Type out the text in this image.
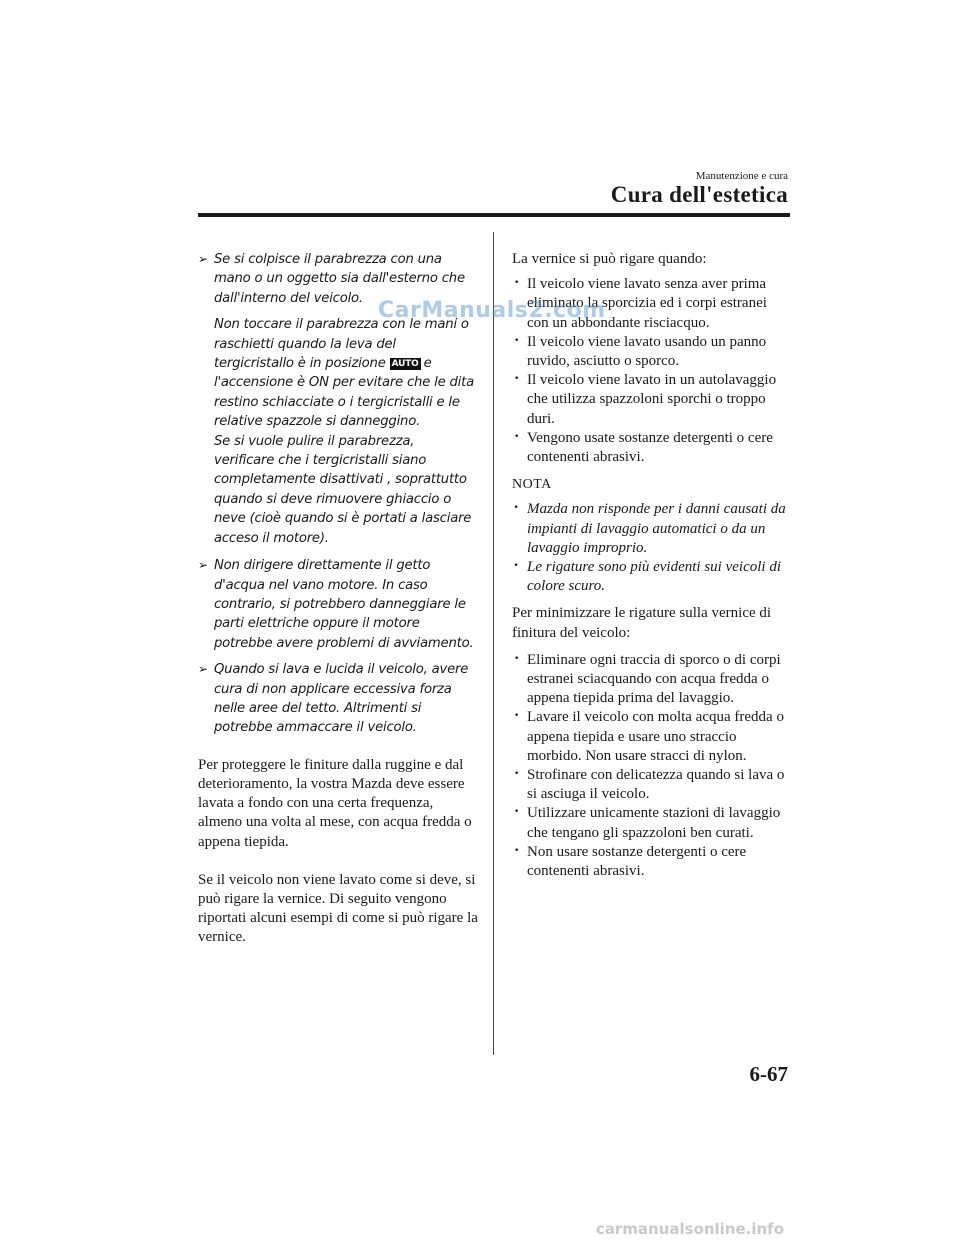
Manutenzione e cura
Cura dell'estetica
➢ Se si colpisce il parabrezza con una mano o un oggetto sia dall'esterno che dall'interno del veicolo.

Non toccare il parabrezza con le mani o raschietti quando la leva del tergicristallo è in posizione AUTO e l'accensione è ON per evitare che le dita restino schiacciate o i tergicristalli e le relative spazzole si danneggino.

Se si vuole pulire il parabrezza, verificare che i tergicristalli siano completamente disattivati , soprattutto quando si deve rimuovere ghiaccio o neve (cioè quando si è portati a lasciare acceso il motore).

➢ Non dirigere direttamente il getto d'acqua nel vano motore. In caso contrario, si potrebbero danneggiare le parti elettriche oppure il motore potrebbe avere problemi di avviamento.
➢ Quando si lava e lucida il veicolo, avere cura di non applicare eccessiva forza nelle aree del tetto. Altrimenti si potrebbe ammaccare il veicolo.

Per proteggere le finiture dalla ruggine e dal deterioramento, la vostra Mazda deve essere lavata a fondo con una certa frequenza, almeno una volta al mese, con acqua fredda o appena tiepida.

Se il veicolo non viene lavato come si deve, si può rigare la vernice. Di seguito vengono riportati alcuni esempi di come si può rigare la vernice.

La vernice si può rigare quando:

· Il veicolo viene lavato senza aver prima eliminato la sporcizia ed i corpi estranei con un abbondante risciacquo.
· Il veicolo viene lavato usando un panno ruvido, asciutto o sporco.
· Il veicolo viene lavato in un autolavaggio che utilizza spazzoloni sporchi o troppo duri.
· Vengono usate sostanze detergenti o cere contenenti abrasivi.
NOTA
· Mazda non risponde per i danni causati da impianti di lavaggio automatici o da un lavaggio improprio.
· Le rigature sono più evidenti sui veicoli di colore scuro.

Per minimizzare le rigature sulla vernice di finitura del veicolo:

· Eliminare ogni traccia di sporco o di corpi estranei sciacquando con acqua fredda o appena tiepida prima del lavaggio.
· Lavare il veicolo con molta acqua fredda o appena tiepida e usare uno straccio morbido. Non usare stracci di nylon.
· Strofinare con delicatezza quando si lava o si asciuga il veicolo.
· Utilizzare unicamente stazioni di lavaggio che tengano gli spazzoloni ben curati.
· Non usare sostanze detergenti o cere contenenti abrasivi.
CarManuals2.com
6-67
carmanualsonline.info
